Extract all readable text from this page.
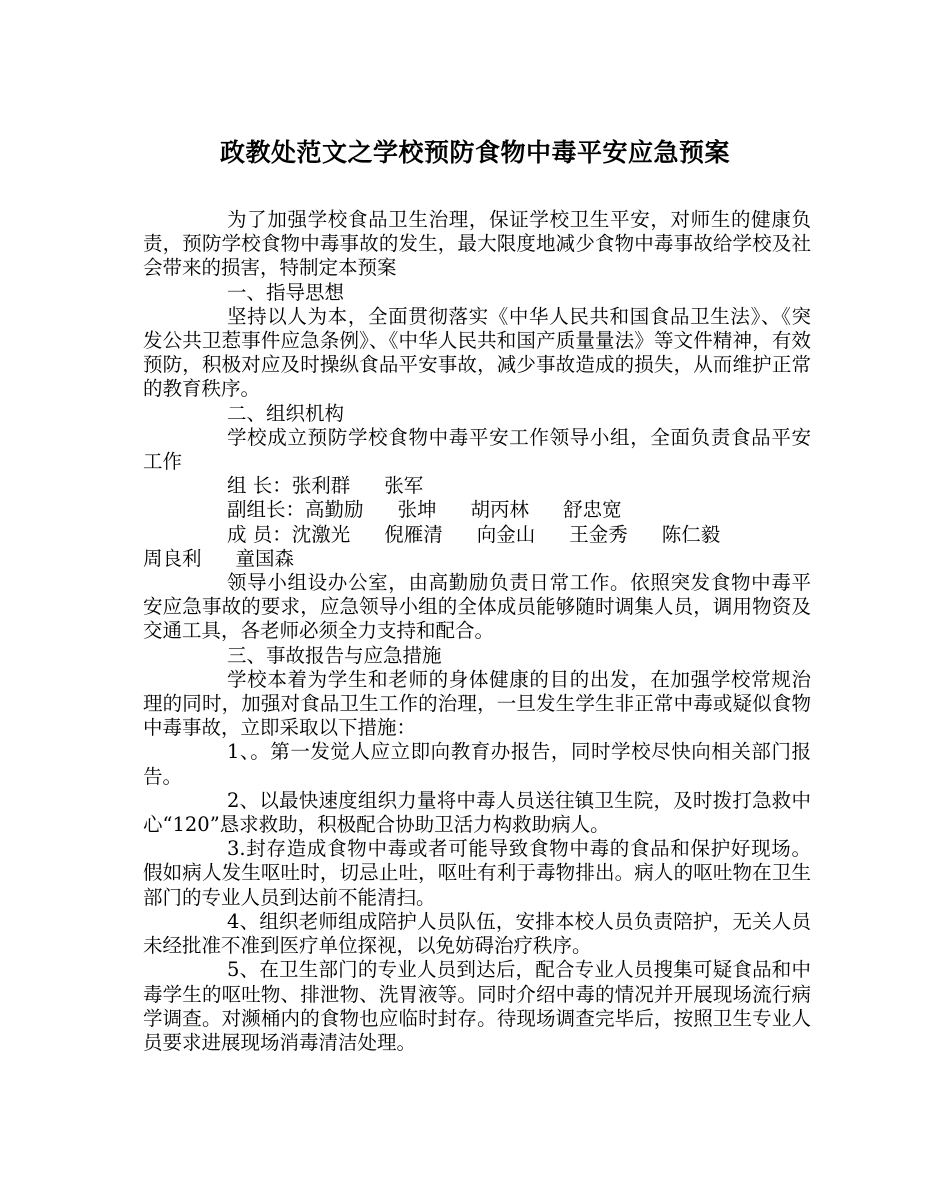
政教处范文之学校预防食物中毒平安应急预案

为了加强学校食品卫生治理，保证学校卫生平安，对师生的健康负责，预防学校食物中毒事故的发生，最大限度地减少食物中毒事故给学校及社会带来的损害，特制定本预案

一、指导思想

坚持以人为本，全面贯彻落实《中华人民共和国食品卫生法》、《突发公共卫惹事件应急条例》、《中华人民共和国产质量量法》等文件精神，有效预防，积极对应及时操纵食品平安事故，减少事故造成的损失，从而维护正常的教育秩序。

二、组织机构

学校成立预防学校食物中毒平安工作领导小组，全面负责食品平安工作

组 长：张利群 张军

副组长：高勤励 张坤 胡丙林 舒忠宽

成 员：沈激光 倪雁清 向金山 王金秀 陈仁毅

周良利 童国森

领导小组设办公室，由高勤励负责日常工作。依照突发食物中毒平安应急事故的要求，应急领导小组的全体成员能够随时调集人员，调用物资及交通工具，各老师必须全力支持和配合。

三、事故报告与应急措施

学校本着为学生和老师的身体健康的目的出发，在加强学校常规治理的同时，加强对食品卫生工作的治理，一旦发生学生非正常中毒或疑似食物中毒事故，立即采取以下措施：

1、。第一发觉人应立即向教育办报告，同时学校尽快向相关部门报告。

2、以最快速度组织力量将中毒人员送往镇卫生院，及时拨打急救中心“120”恳求救助，积极配合协助卫活力构救助病人。

3.封存造成食物中毒或者可能导致食物中毒的食品和保护好现场。假如病人发生呕吐时，切忌止吐，呕吐有利于毒物排出。病人的呕吐物在卫生部门的专业人员到达前不能清扫。

4、组织老师组成陪护人员队伍，安排本校人员负责陪护，无关人员未经批准不准到医疗单位探视，以免妨碍治疗秩序。

5、在卫生部门的专业人员到达后，配合专业人员搜集可疑食品和中毒学生的呕吐物、排泄物、洗胃液等。同时介绍中毒的情况并开展现场流行病学调查。对濒桶内的食物也应临时封存。待现场调查完毕后，按照卫生专业人员要求进展现场消毒清洁处理。
